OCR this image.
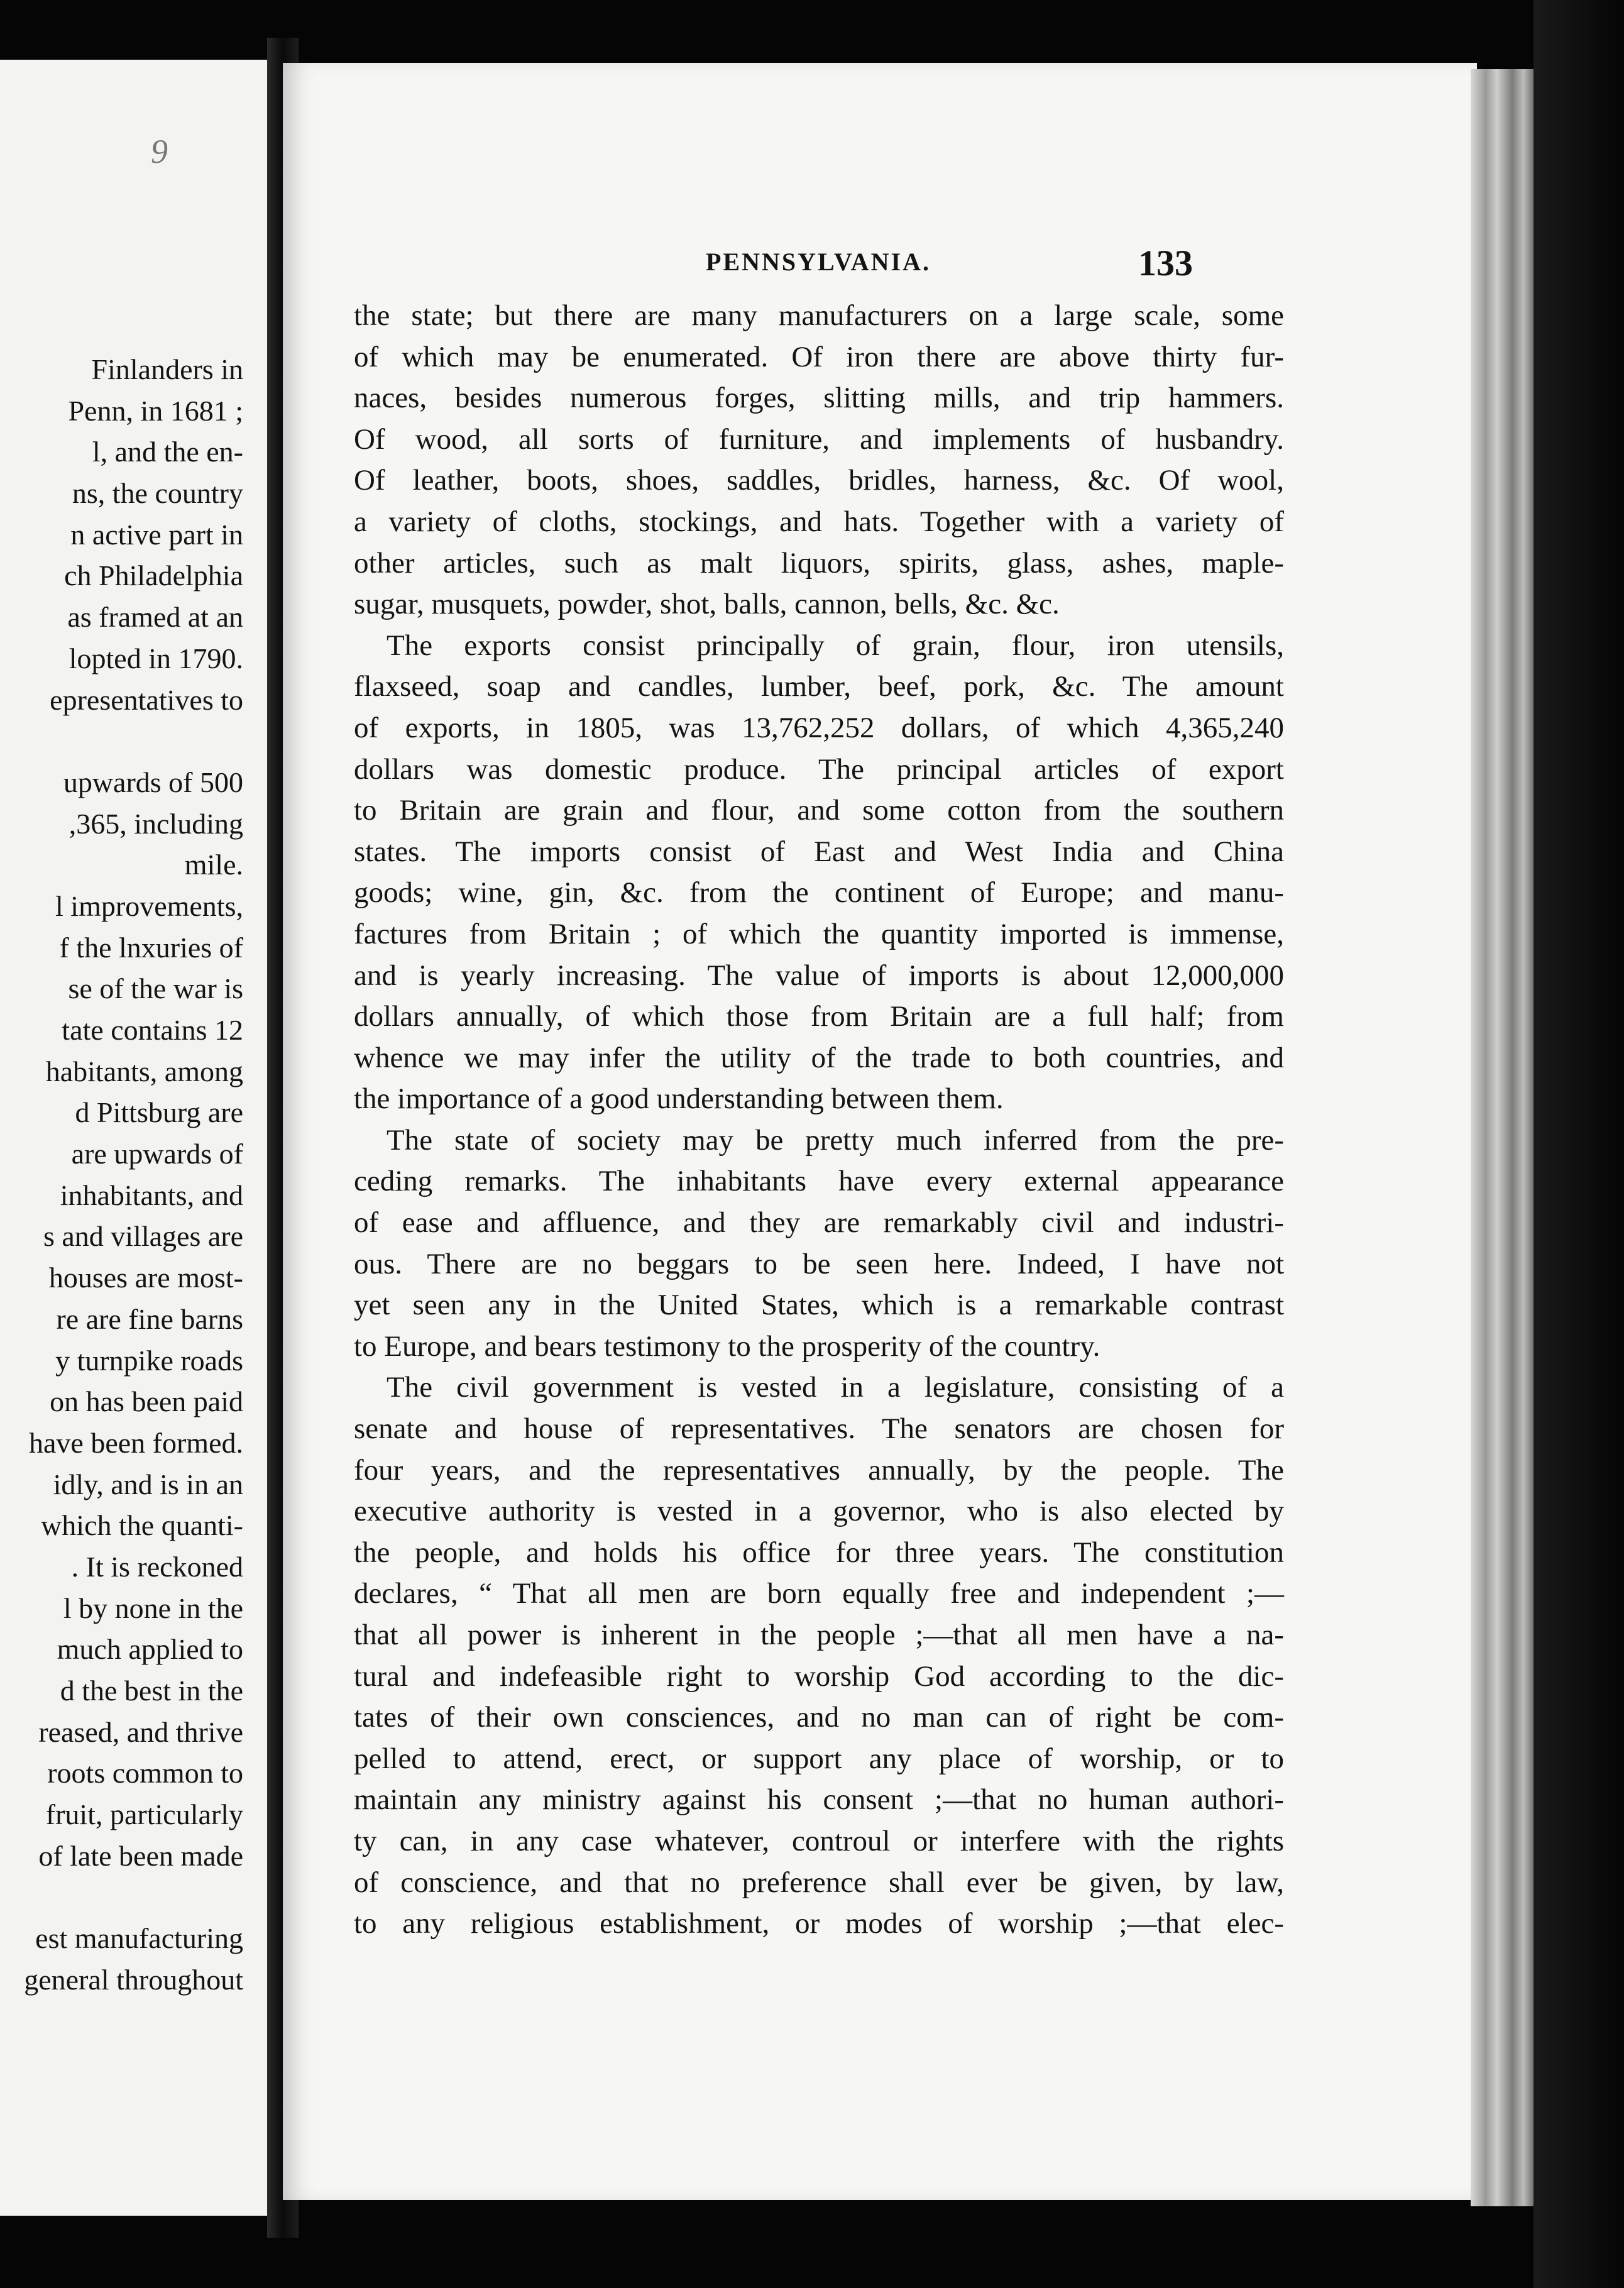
9
Finlanders in
Penn, in 1681 ;
l, and the en-
ns, the country
n active part in
ch Philadelphia
as framed at an
lopted in 1790.
epresentatives to
upwards of 500
,365, including
mile.
l improvements,
f the lnxuries of
se of the war is
tate contains 12
habitants, among
d Pittsburg are
are upwards of
inhabitants, and
s and villages are
houses are most-
re are fine barns
y turnpike roads
on has been paid
have been formed.
idly, and is in an
which the quanti-
. It is reckoned
l by none in the
much applied to
d the best in the
reased, and thrive
roots common to
fruit, particularly
of late been made
est manufacturing
general throughout
PENNSYLVANIA.	133
the state; but there are many manufacturers on a large scale, some
of which may be enumerated. Of iron there are above thirty fur-
naces, besides numerous forges, slitting mills, and trip hammers.
Of wood, all sorts of furniture, and implements of husbandry.
Of leather, boots, shoes, saddles, bridles, harness, &c. Of wool,
a variety of cloths, stockings, and hats. Together with a variety of
other articles, such as malt liquors, spirits, glass, ashes, maple-
sugar, musquets, powder, shot, balls, cannon, bells, &c. &c.
The exports consist principally of grain, flour, iron utensils,
flaxseed, soap and candles, lumber, beef, pork, &c. The amount
of exports, in 1805, was 13,762,252 dollars, of which 4,365,240
dollars was domestic produce. The principal articles of export
to Britain are grain and flour, and some cotton from the southern
states. The imports consist of East and West India and China
goods; wine, gin, &c. from the continent of Europe; and manu-
factures from Britain ; of which the quantity imported is immense,
and is yearly increasing. The value of imports is about 12,000,000
dollars annually, of which those from Britain are a full half; from
whence we may infer the utility of the trade to both countries, and
the importance of a good understanding between them.
The state of society may be pretty much inferred from the pre-
ceding remarks. The inhabitants have every external appearance
of ease and affluence, and they are remarkably civil and industri-
ous. There are no beggars to be seen here. Indeed, I have not
yet seen any in the United States, which is a remarkable contrast
to Europe, and bears testimony to the prosperity of the country.
The civil government is vested in a legislature, consisting of a
senate and house of representatives. The senators are chosen for
four years, and the representatives annually, by the people. The
executive authority is vested in a governor, who is also elected by
the people, and holds his office for three years. The constitution
declares, “ That all men are born equally free and independent ;—
that all power is inherent in the people ;—that all men have a na-
tural and indefeasible right to worship God according to the dic-
tates of their own consciences, and no man can of right be com-
pelled to attend, erect, or support any place of worship, or to
maintain any ministry against his consent ;—that no human authori-
ty can, in any case whatever, controul or interfere with the rights
of conscience, and that no preference shall ever be given, by law,
to any religious establishment, or modes of worship ;—that elec-
